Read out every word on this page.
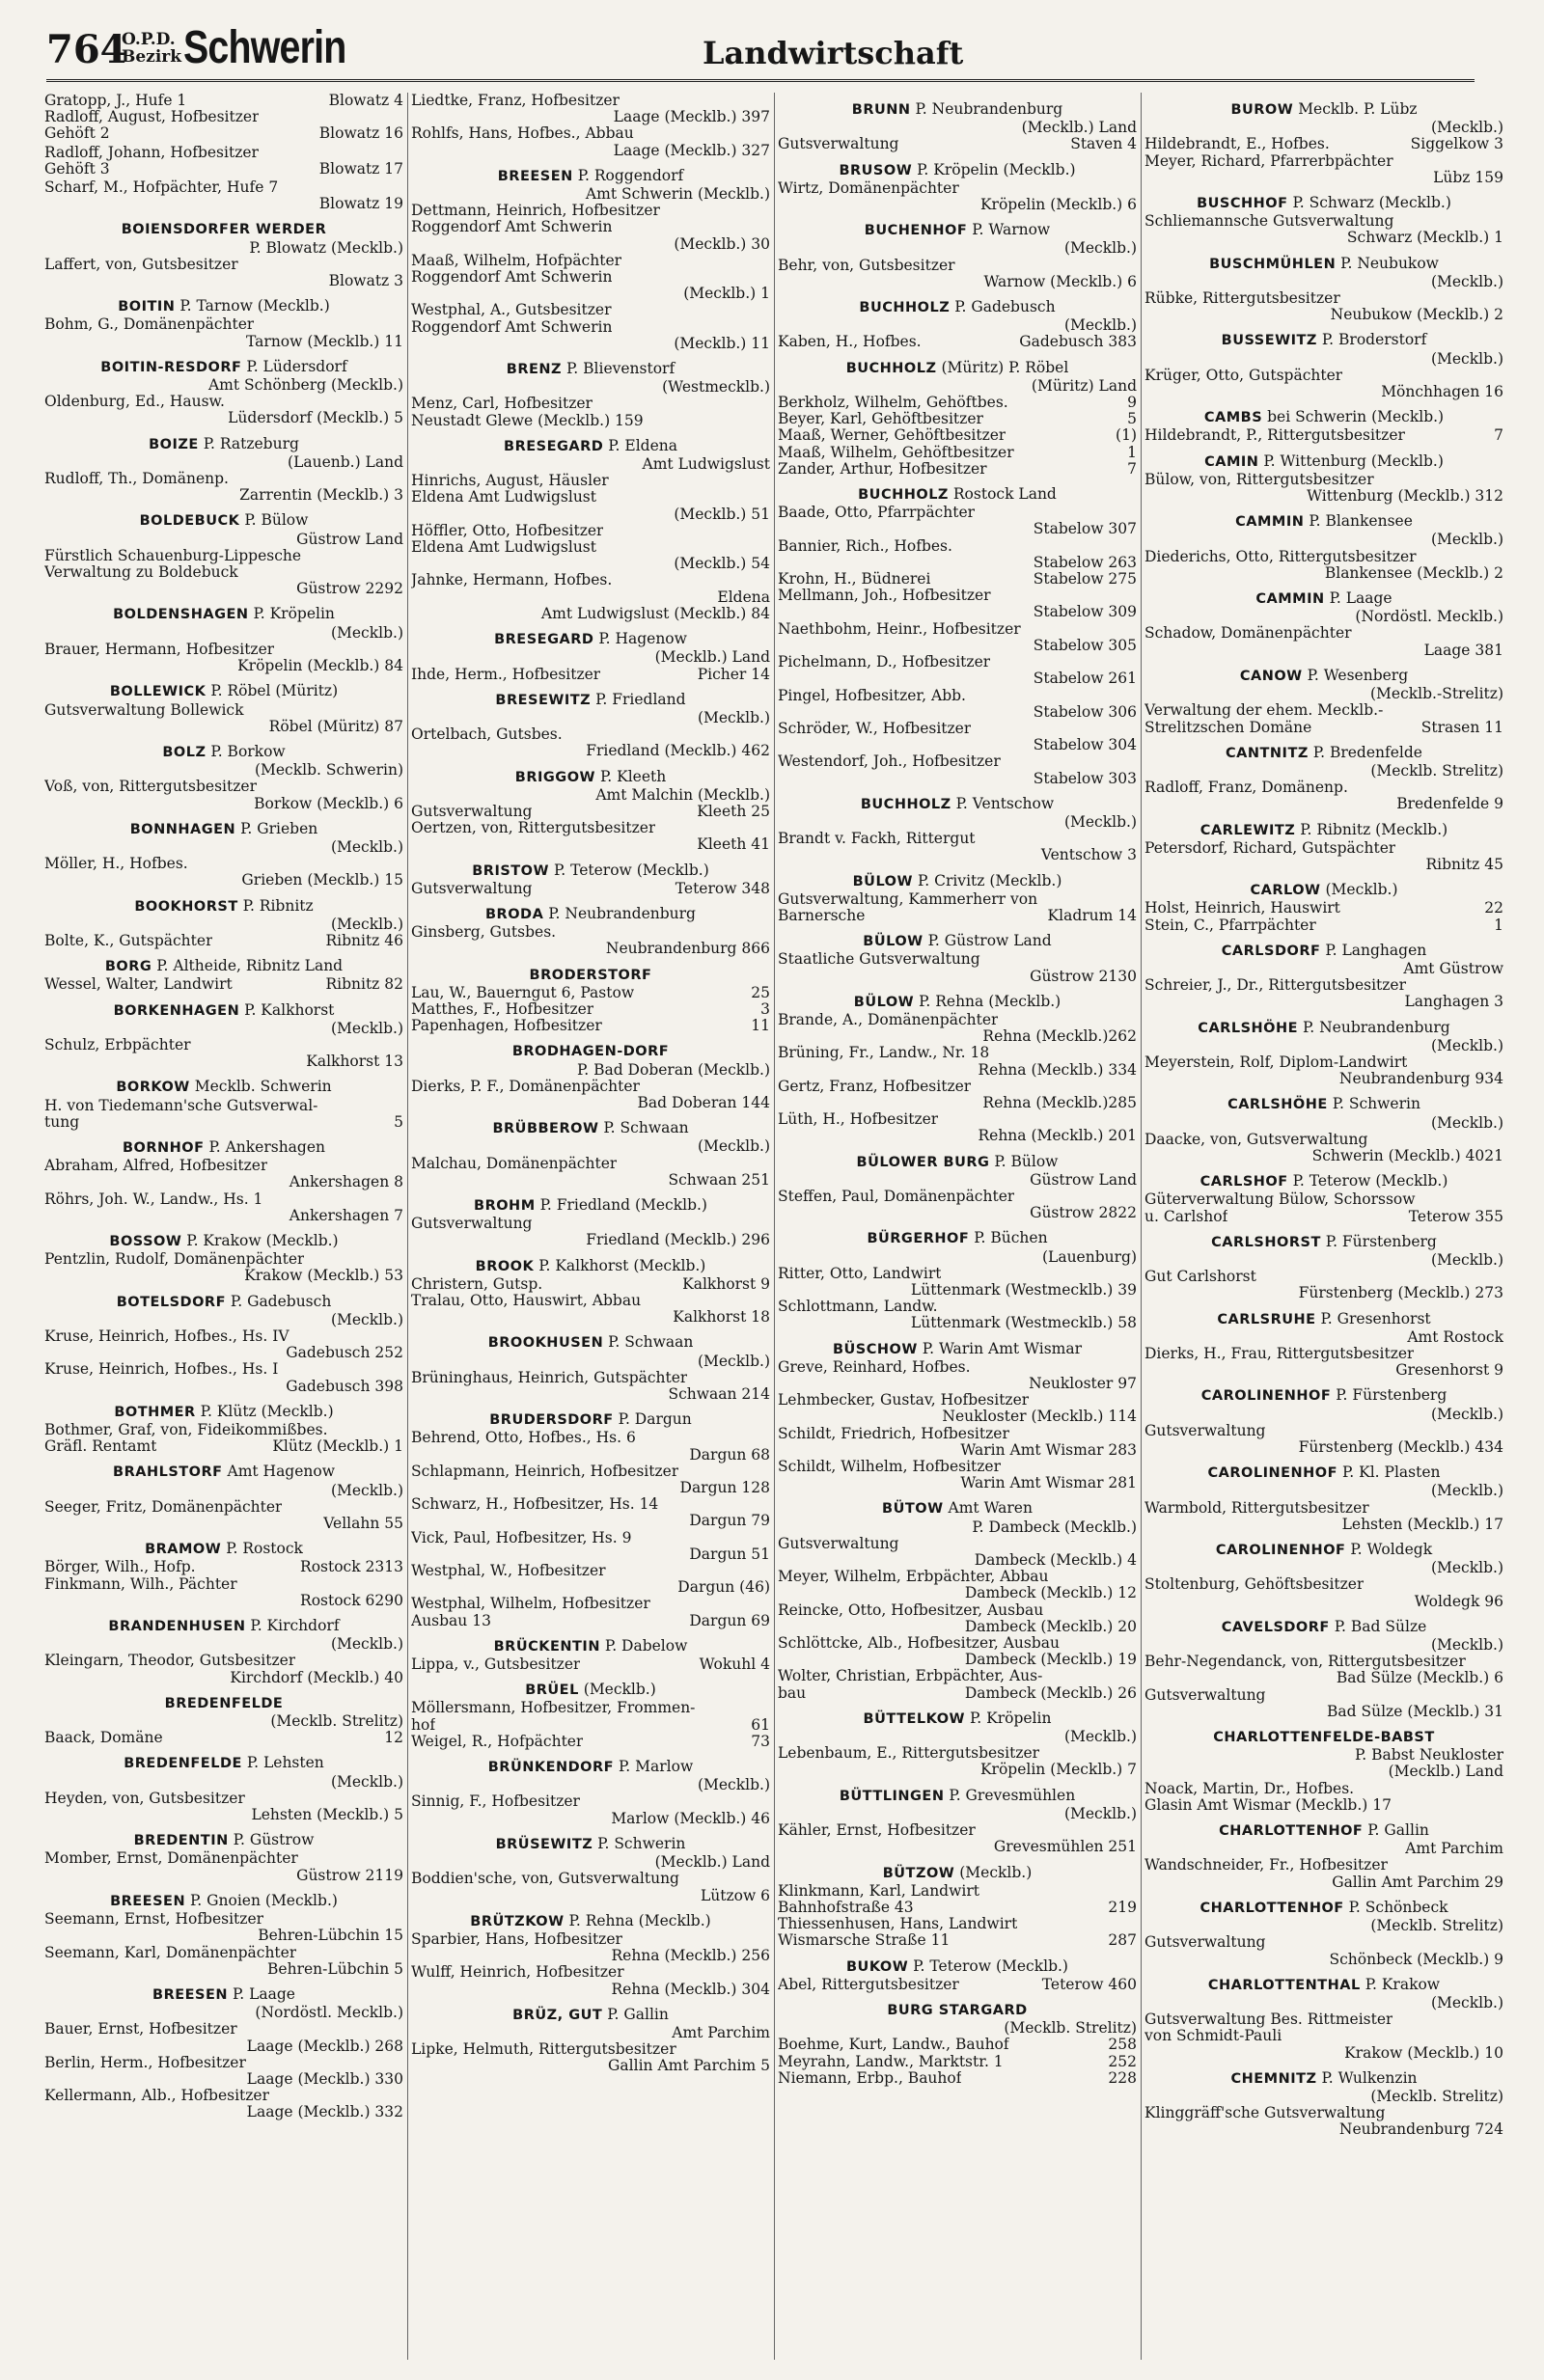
764
O.P.D.
Bezirk Schwerin	Landwirtschaft
Gratopp, J., Hufe 1	Blowatz 4
Radloff, August, Hofbesitzer
Gehöft 2	Blowatz 16
Radloff, Johann, Hofbesitzer
Gehöft 3	Blowatz 17
Scharf, M., Hofpächter, Hufe 7
Blowatz 19
BOIENSDORFER WERDER
P. Blowatz (Mecklb.)
Laffert, von, Gutsbesitzer
Blowatz 3
BOITIN P. Tarnow (Mecklb.)
Bohm, G., Domänenpächter
Tarnow (Mecklb.) 11
BOITIN-RESDORF P. Lüdersdorf
Amt Schönberg (Mecklb.)
Oldenburg, Ed., Hausw.
Lüdersdorf (Mecklb.) 5
BOIZE P. Ratzeburg
(Lauenb.) Land
Rudloff, Th., Domänenp.
Zarrentin (Mecklb.) 3
BOLDEBUCK P. Bülow
Güstrow Land
Fürstlich Schauenburg-Lippesche
Verwaltung zu Boldebuck
Güstrow 2292
BOLDENSHAGEN P. Kröpelin
(Mecklb.)
Brauer, Hermann, Hofbesitzer
Kröpelin (Mecklb.) 84
BOLLEWICK P. Röbel (Müritz)
Gutsverwaltung Bollewick
Röbel (Müritz) 87
BOLZ P. Borkow
(Mecklb. Schwerin)
Voß, von, Rittergutsbesitzer
Borkow (Mecklb.) 6
BONNHAGEN P. Grieben
(Mecklb.)
Möller, H., Hofbes.
Grieben (Mecklb.) 15
BOOKHORST P. Ribnitz
(Mecklb.)
Bolte, K., Gutspächter	Ribnitz 46
BORG P. Altheide, Ribnitz Land
Wessel, Walter, Landwirt	Ribnitz 82
BORKENHAGEN P. Kalkhorst
(Mecklb.)
Schulz, Erbpächter
Kalkhorst 13
BORKOW Mecklb. Schwerin
H. von Tiedemann'sche Gutsverwal-
tung	5
BORNHOF P. Ankershagen
Abraham, Alfred, Hofbesitzer
Ankershagen 8
Röhrs, Joh. W., Landw., Hs. 1
Ankershagen 7
BOSSOW P. Krakow (Mecklb.)
Pentzlin, Rudolf, Domänenpächter
Krakow (Mecklb.) 53
BOTELSDORF P. Gadebusch
(Mecklb.)
Kruse, Heinrich, Hofbes., Hs. IV
Gadebusch 252
Kruse, Heinrich, Hofbes., Hs. I
Gadebusch 398
BOTHMER P. Klütz (Mecklb.)
Bothmer, Graf, von, Fideikommißbes.
Gräfl. Rentamt	Klütz (Mecklb.) 1
BRAHLSTORF Amt Hagenow
(Mecklb.)
Seeger, Fritz, Domänenpächter
Vellahn 55
BRAMOW P. Rostock
Börger, Wilh., Hofp.	Rostock 2313
Finkmann, Wilh., Pächter
Rostock 6290
BRANDENHUSEN P. Kirchdorf
(Mecklb.)
Kleingarn, Theodor, Gutsbesitzer
Kirchdorf (Mecklb.) 40
BREDENFELDE
(Mecklb. Strelitz)
Baack, Domäne	12
BREDENFELDE P. Lehsten
(Mecklb.)
Heyden, von, Gutsbesitzer
Lehsten (Mecklb.) 5
BREDENTIN P. Güstrow
Momber, Ernst, Domänenpächter
Güstrow 2119
BREESEN P. Gnoien (Mecklb.)
Seemann, Ernst, Hofbesitzer
Behren-Lübchin 15
Seemann, Karl, Domänenpächter
Behren-Lübchin 5
BREESEN P. Laage
(Nordöstl. Mecklb.)
Bauer, Ernst, Hofbesitzer
Laage (Mecklb.) 268
Berlin, Herm., Hofbesitzer
Laage (Mecklb.) 330
Kellermann, Alb., Hofbesitzer
Laage (Mecklb.) 332
Liedtke, Franz, Hofbesitzer
Laage (Mecklb.) 397
Rohlfs, Hans, Hofbes., Abbau
Laage (Mecklb.) 327
BREESEN P. Roggendorf
Amt Schwerin (Mecklb.)
Dettmann, Heinrich, Hofbesitzer
Roggendorf Amt Schwerin
(Mecklb.) 30
Maaß, Wilhelm, Hofpächter
Roggendorf Amt Schwerin
(Mecklb.) 1
Westphal, A., Gutsbesitzer
Roggendorf Amt Schwerin
(Mecklb.) 11
BRENZ P. Blievenstorf
(Westmecklb.)
Menz, Carl, Hofbesitzer
Neustadt Glewe (Mecklb.) 159
BRESEGARD P. Eldena
Amt Ludwigslust
Hinrichs, August, Häusler
Eldena Amt Ludwigslust
(Mecklb.) 51
Höffler, Otto, Hofbesitzer
Eldena Amt Ludwigslust
(Mecklb.) 54
Jahnke, Hermann, Hofbes.
Eldena
Amt Ludwigslust (Mecklb.) 84
BRESEGARD P. Hagenow
(Mecklb.) Land
Ihde, Herm., Hofbesitzer	Picher 14
BRESEWITZ P. Friedland
(Mecklb.)
Ortelbach, Gutsbes.
Friedland (Mecklb.) 462
BRIGGOW P. Kleeth
Amt Malchin (Mecklb.)
Gutsverwaltung	Kleeth 25
Oertzen, von, Rittergutsbesitzer
Kleeth 41
BRISTOW P. Teterow (Mecklb.)
Gutsverwaltung	Teterow 348
BRODA P. Neubrandenburg
Ginsberg, Gutsbes.
Neubrandenburg 866
BRODERSTORF
Lau, W., Bauerngut 6, Pastow	25
Matthes, F., Hofbesitzer	3
Papenhagen, Hofbesitzer	11
BRODHAGEN-DORF
P. Bad Doberan (Mecklb.)
Dierks, P. F., Domänenpächter
Bad Doberan 144
BRÜBBEROW P. Schwaan
(Mecklb.)
Malchau, Domänenpächter
Schwaan 251
BROHM P. Friedland (Mecklb.)
Gutsverwaltung
Friedland (Mecklb.) 296
BROOK P. Kalkhorst (Mecklb.)
Christern, Gutsp.	Kalkhorst 9
Tralau, Otto, Hauswirt, Abbau
Kalkhorst 18
BROOKHUSEN P. Schwaan
(Mecklb.)
Brüninghaus, Heinrich, Gutspächter
Schwaan 214
BRUDERSDORF P. Dargun
Behrend, Otto, Hofbes., Hs. 6
Dargun 68
Schlapmann, Heinrich, Hofbesitzer
Dargun 128
Schwarz, H., Hofbesitzer, Hs. 14
Dargun 79
Vick, Paul, Hofbesitzer, Hs. 9
Dargun 51
Westphal, W., Hofbesitzer
Dargun (46)
Westphal, Wilhelm, Hofbesitzer
Ausbau 13	Dargun 69
BRÜCKENTIN P. Dabelow
Lippa, v., Gutsbesitzer	Wokuhl 4
BRÜEL (Mecklb.)
Möllersmann, Hofbesitzer, Frommen-
hof	61
Weigel, R., Hofpächter	73
BRÜNKENDORF P. Marlow
(Mecklb.)
Sinnig, F., Hofbesitzer
Marlow (Mecklb.) 46
BRÜSEWITZ P. Schwerin
(Mecklb.) Land
Boddien'sche, von, Gutsverwaltung
Lützow 6
BRÜTZKOW P. Rehna (Mecklb.)
Sparbier, Hans, Hofbesitzer
Rehna (Mecklb.) 256
Wulff, Heinrich, Hofbesitzer
Rehna (Mecklb.) 304
BRÜZ, GUT P. Gallin
Amt Parchim
Lipke, Helmuth, Rittergutsbesitzer
Gallin Amt Parchim 5
BRUNN P. Neubrandenburg
(Mecklb.) Land
Gutsverwaltung	Staven 4
BRUSOW P. Kröpelin (Mecklb.)
Wirtz, Domänenpächter
Kröpelin (Mecklb.) 6
BUCHENHOF P. Warnow
(Mecklb.)
Behr, von, Gutsbesitzer
Warnow (Mecklb.) 6
BUCHHOLZ P. Gadebusch
(Mecklb.)
Kaben, H., Hofbes.	Gadebusch 383
BUCHHOLZ (Müritz) P. Röbel
(Müritz) Land
Berkholz, Wilhelm, Gehöftbes.	9
Beyer, Karl, Gehöftbesitzer	5
Maaß, Werner, Gehöftbesitzer	(1)
Maaß, Wilhelm, Gehöftbesitzer	1
Zander, Arthur, Hofbesitzer	7
BUCHHOLZ Rostock Land
Baade, Otto, Pfarrpächter
Stabelow 307
Bannier, Rich., Hofbes.
Stabelow 263
Krohn, H., Büdnerei	Stabelow 275
Mellmann, Joh., Hofbesitzer
Stabelow 309
Naethbohm, Heinr., Hofbesitzer
Stabelow 305
Pichelmann, D., Hofbesitzer
Stabelow 261
Pingel, Hofbesitzer, Abb.
Stabelow 306
Schröder, W., Hofbesitzer
Stabelow 304
Westendorf, Joh., Hofbesitzer
Stabelow 303
BUCHHOLZ P. Ventschow
(Mecklb.)
Brandt v. Fackh, Rittergut
Ventschow 3
BÜLOW P. Crivitz (Mecklb.)
Gutsverwaltung, Kammerherr von
Barnersche	Kladrum 14
BÜLOW P. Güstrow Land
Staatliche Gutsverwaltung
Güstrow 2130
BÜLOW P. Rehna (Mecklb.)
Brande, A., Domänenpächter
Rehna (Mecklb.)262
Brüning, Fr., Landw., Nr. 18
Rehna (Mecklb.) 334
Gertz, Franz, Hofbesitzer
Rehna (Mecklb.)285
Lüth, H., Hofbesitzer
Rehna (Mecklb.) 201
BÜLOWER BURG P. Bülow
Güstrow Land
Steffen, Paul, Domänenpächter
Güstrow 2822
BÜRGERHOF P. Büchen
(Lauenburg)
Ritter, Otto, Landwirt
Lüttenmark (Westmecklb.) 39
Schlottmann, Landw.
Lüttenmark (Westmecklb.) 58
BÜSCHOW P. Warin Amt Wismar
Greve, Reinhard, Hofbes.
Neukloster 97
Lehmbecker, Gustav, Hofbesitzer
Neukloster (Mecklb.) 114
Schildt, Friedrich, Hofbesitzer
Warin Amt Wismar 283
Schildt, Wilhelm, Hofbesitzer
Warin Amt Wismar 281
BÜTOW Amt Waren
P. Dambeck (Mecklb.)
Gutsverwaltung
Dambeck (Mecklb.) 4
Meyer, Wilhelm, Erbpächter, Abbau
Dambeck (Mecklb.) 12
Reincke, Otto, Hofbesitzer, Ausbau
Dambeck (Mecklb.) 20
Schlöttcke, Alb., Hofbesitzer, Ausbau
Dambeck (Mecklb.) 19
Wolter, Christian, Erbpächter, Aus-
bau	Dambeck (Mecklb.) 26
BÜTTELKOW P. Kröpelin
(Mecklb.)
Lebenbaum, E., Rittergutsbesitzer
Kröpelin (Mecklb.) 7
BÜTTLINGEN P. Grevesmühlen
(Mecklb.)
Kähler, Ernst, Hofbesitzer
Grevesmühlen 251
BÜTZOW (Mecklb.)
Klinkmann, Karl, Landwirt
Bahnhofstraße 43	219
Thiessenhusen, Hans, Landwirt
Wismarsche Straße 11	287
BUKOW P. Teterow (Mecklb.)
Abel, Rittergutsbesitzer	Teterow 460
BURG STARGARD
(Mecklb. Strelitz)
Boehme, Kurt, Landw., Bauhof	258
Meyrahn, Landw., Marktstr. 1	252
Niemann, Erbp., Bauhof	228
BUROW Mecklb. P. Lübz
(Mecklb.)
Hildebrandt, E., Hofbes.	Siggelkow 3
Meyer, Richard, Pfarrerbpächter
Lübz 159
BUSCHHOF P. Schwarz (Mecklb.)
Schliemannsche Gutsverwaltung
Schwarz (Mecklb.) 1
BUSCHMÜHLEN P. Neubukow
(Mecklb.)
Rübke, Rittergutsbesitzer
Neubukow (Mecklb.) 2
BUSSEWITZ P. Broderstorf
(Mecklb.)
Krüger, Otto, Gutspächter
Mönchhagen 16
CAMBS bei Schwerin (Mecklb.)
Hildebrandt, P., Rittergutsbesitzer	7
CAMIN P. Wittenburg (Mecklb.)
Bülow, von, Rittergutsbesitzer
Wittenburg (Mecklb.) 312
CAMMIN P. Blankensee
(Mecklb.)
Diederichs, Otto, Rittergutsbesitzer
Blankensee (Mecklb.) 2
CAMMIN P. Laage
(Nordöstl. Mecklb.)
Schadow, Domänenpächter
Laage 381
CANOW P. Wesenberg
(Mecklb.-Strelitz)
Verwaltung der ehem. Mecklb.-
Strelitzschen Domäne	Strasen 11
CANTNITZ P. Bredenfelde
(Mecklb. Strelitz)
Radloff, Franz, Domänenp.
Bredenfelde 9
CARLEWITZ P. Ribnitz (Mecklb.)
Petersdorf, Richard, Gutspächter
Ribnitz 45
CARLOW (Mecklb.)
Holst, Heinrich, Hauswirt	22
Stein, C., Pfarrpächter	1
CARLSDORF P. Langhagen
Amt Güstrow
Schreier, J., Dr., Rittergutsbesitzer
Langhagen 3
CARLSHÖHE P. Neubrandenburg
(Mecklb.)
Meyerstein, Rolf, Diplom-Landwirt
Neubrandenburg 934
CARLSHÖHE P. Schwerin
(Mecklb.)
Daacke, von, Gutsverwaltung
Schwerin (Mecklb.) 4021
CARLSHOF P. Teterow (Mecklb.)
Güterverwaltung Bülow, Schorssow
u. Carlshof	Teterow 355
CARLSHORST P. Fürstenberg
(Mecklb.)
Gut Carlshorst
Fürstenberg (Mecklb.) 273
CARLSRUHE P. Gresenhorst
Amt Rostock
Dierks, H., Frau, Rittergutsbesitzer
Gresenhorst 9
CAROLINENHOF P. Fürstenberg
(Mecklb.)
Gutsverwaltung
Fürstenberg (Mecklb.) 434
CAROLINENHOF P. Kl. Plasten
(Mecklb.)
Warmbold, Rittergutsbesitzer
Lehsten (Mecklb.) 17
CAROLINENHOF P. Woldegk
(Mecklb.)
Stoltenburg, Gehöftsbesitzer
Woldegk 96
CAVELSDORF P. Bad Sülze
(Mecklb.)
Behr-Negendanck, von, Rittergutsbesitzer
Bad Sülze (Mecklb.) 6
Gutsverwaltung
Bad Sülze (Mecklb.) 31
CHARLOTTENFELDE-BABST
P. Babst Neukloster
(Mecklb.) Land
Noack, Martin, Dr., Hofbes.
Glasin Amt Wismar (Mecklb.) 17
CHARLOTTENHOF P. Gallin
Amt Parchim
Wandschneider, Fr., Hofbesitzer
Gallin Amt Parchim 29
CHARLOTTENHOF P. Schönbeck
(Mecklb. Strelitz)
Gutsverwaltung
Schönbeck (Mecklb.) 9
CHARLOTTENTHAL P. Krakow
(Mecklb.)
Gutsverwaltung Bes. Rittmeister
von Schmidt-Pauli
Krakow (Mecklb.) 10
CHEMNITZ P. Wulkenzin
(Mecklb. Strelitz)
Klinggräff'sche Gutsverwaltung
Neubrandenburg 724
